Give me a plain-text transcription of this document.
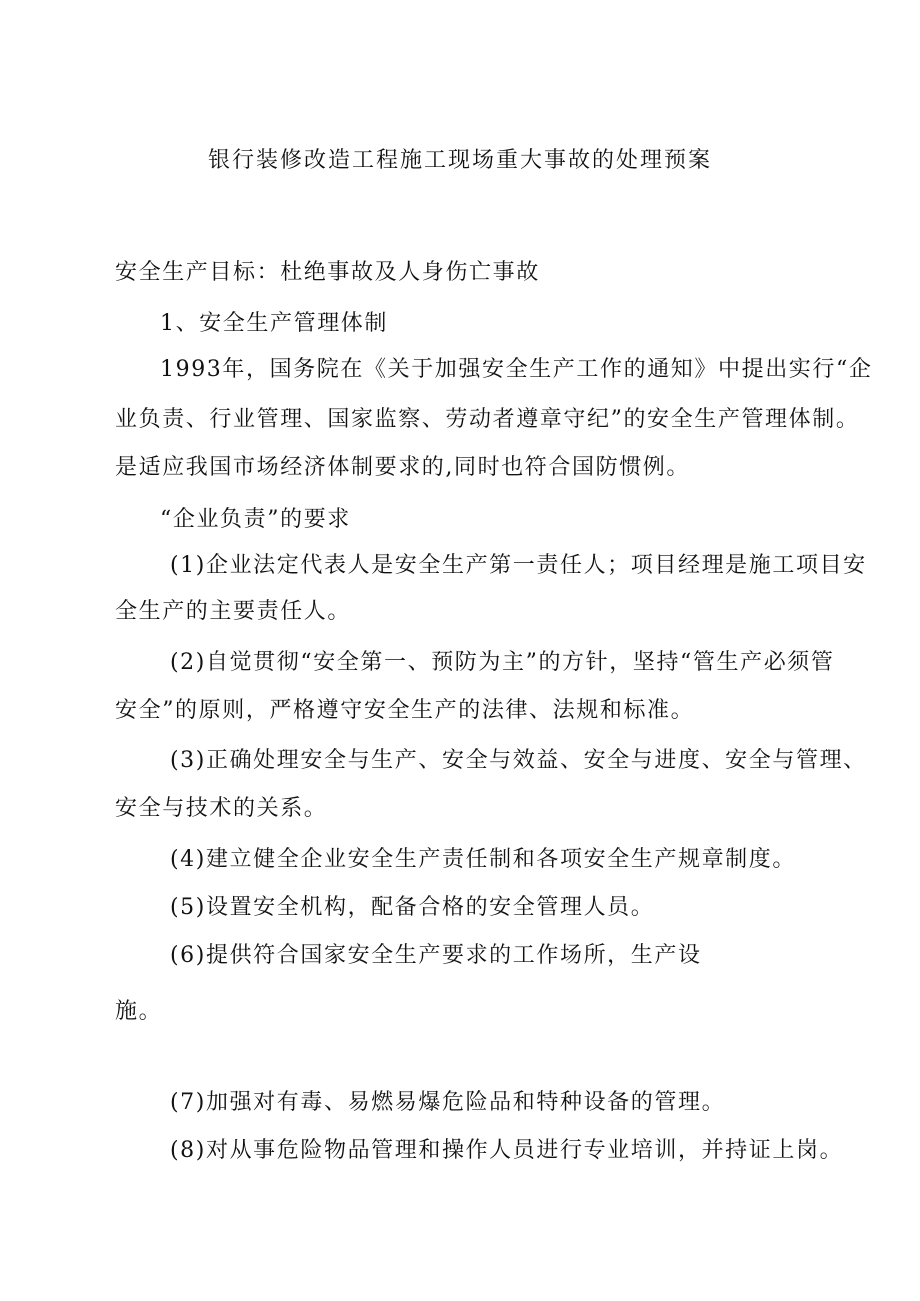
银行装修改造工程施工现场重大事故的处理预案
安全生产目标：杜绝事故及人身伤亡事故
1、安全生产管理体制
1993年，国务院在《关于加强安全生产工作的通知》中提出实行“企
业负责、行业管理、国家监察、劳动者遵章守纪”的安全生产管理体制。
是适应我国市场经济体制要求的,同时也符合国防惯例。
“企业负责”的要求
(1)企业法定代表人是安全生产第一责任人；项目经理是施工项目安
全生产的主要责任人。
(2)自觉贯彻“安全第一、预防为主”的方针，坚持“管生产必须管
安全”的原则，严格遵守安全生产的法律、法规和标准。
(3)正确处理安全与生产、安全与效益、安全与进度、安全与管理、
安全与技术的关系。
(4)建立健全企业安全生产责任制和各项安全生产规章制度。
(5)设置安全机构，配备合格的安全管理人员。
(6)提供符合国家安全生产要求的工作场所，生产设
施。
(7)加强对有毒、易燃易爆危险品和特种设备的管理。
(8)对从事危险物品管理和操作人员进行专业培训，并持证上岗。
